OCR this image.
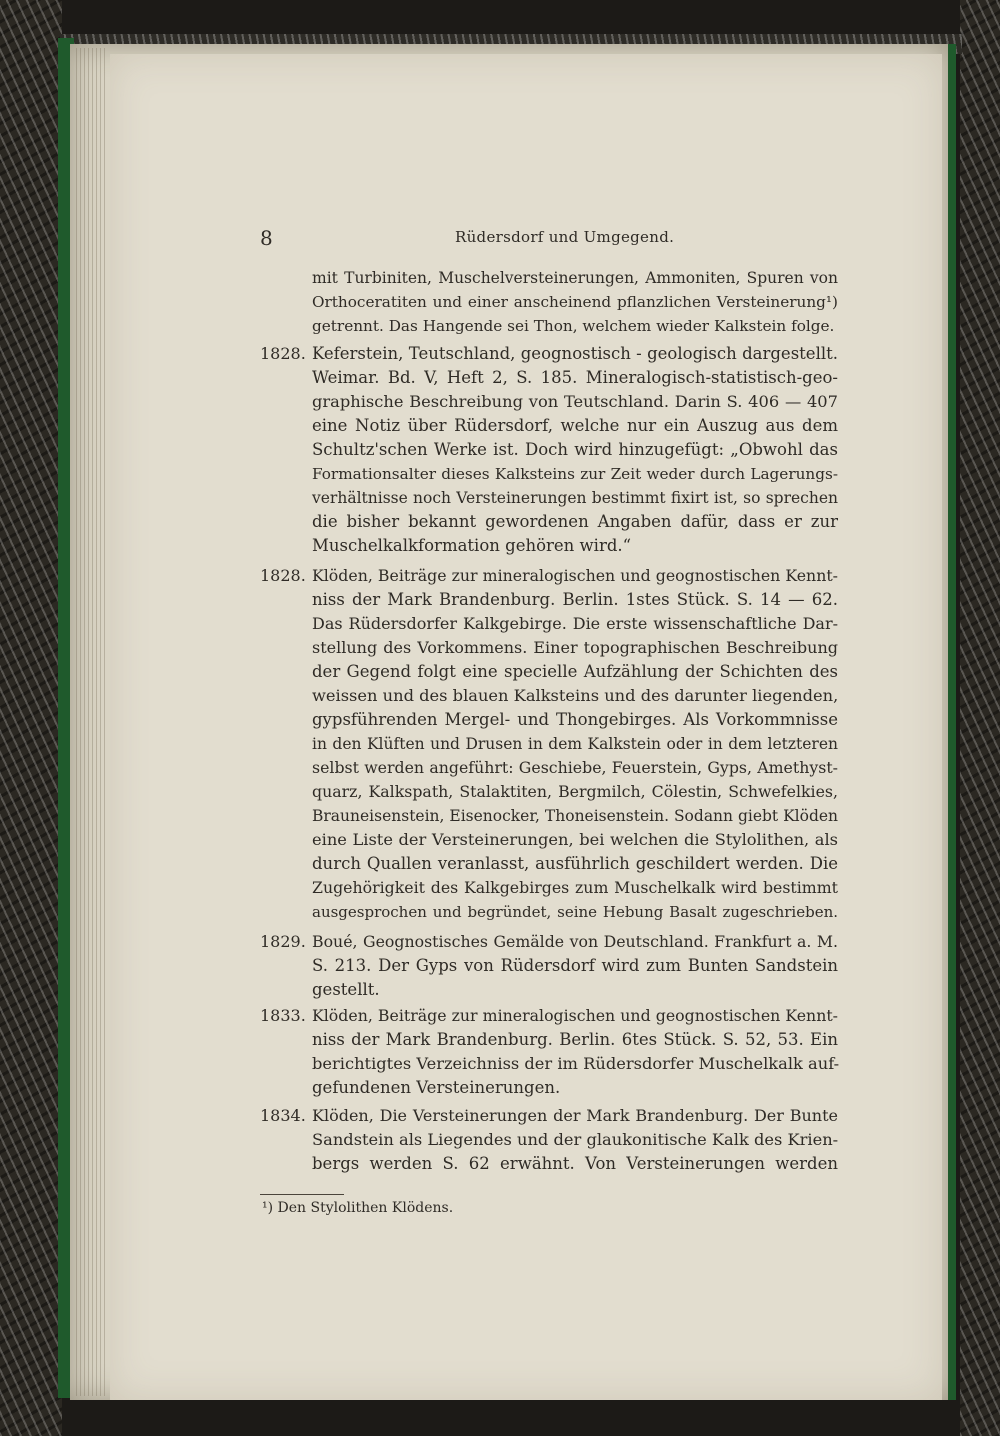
8	Rüdersdorf und Umgegend.
mit Turbiniten, Muschelversteinerungen, Ammoniten, Spuren von
Orthoceratiten und einer anscheinend pflanzlichen Versteinerung¹)
getrennt. Das Hangende sei Thon, welchem wieder Kalkstein folge.
1828. Keferstein, Teutschland, geognostisch - geologisch dargestellt.
Weimar. Bd. V, Heft 2, S. 185. Mineralogisch-statistisch-geo-
graphische Beschreibung von Teutschland. Darin S. 406 — 407
eine Notiz über Rüdersdorf, welche nur ein Auszug aus dem
Schultz'schen Werke ist. Doch wird hinzugefügt: „Obwohl das
Formationsalter dieses Kalksteins zur Zeit weder durch Lagerungs-
verhältnisse noch Versteinerungen bestimmt fixirt ist, so sprechen
die bisher bekannt gewordenen Angaben dafür, dass er zur
Muschelkalkformation gehören wird.“
1828. Klöden, Beiträge zur mineralogischen und geognostischen Kennt-
niss der Mark Brandenburg. Berlin. 1stes Stück. S. 14 — 62.
Das Rüdersdorfer Kalkgebirge. Die erste wissenschaftliche Dar-
stellung des Vorkommens. Einer topographischen Beschreibung
der Gegend folgt eine specielle Aufzählung der Schichten des
weissen und des blauen Kalksteins und des darunter liegenden,
gypsführenden Mergel- und Thongebirges. Als Vorkommnisse
in den Klüften und Drusen in dem Kalkstein oder in dem letzteren
selbst werden angeführt: Geschiebe, Feuerstein, Gyps, Amethyst-
quarz, Kalkspath, Stalaktiten, Bergmilch, Cölestin, Schwefelkies,
Brauneisenstein, Eisenocker, Thoneisenstein. Sodann giebt Klöden
eine Liste der Versteinerungen, bei welchen die Stylolithen, als
durch Quallen veranlasst, ausführlich geschildert werden. Die
Zugehörigkeit des Kalkgebirges zum Muschelkalk wird bestimmt
ausgesprochen und begründet, seine Hebung Basalt zugeschrieben.
1829. Boué, Geognostisches Gemälde von Deutschland. Frankfurt a. M.
S. 213. Der Gyps von Rüdersdorf wird zum Bunten Sandstein
gestellt.
1833. Klöden, Beiträge zur mineralogischen und geognostischen Kennt-
niss der Mark Brandenburg. Berlin. 6tes Stück. S. 52, 53. Ein
berichtigtes Verzeichniss der im Rüdersdorfer Muschelkalk auf-
gefundenen Versteinerungen.
1834. Klöden, Die Versteinerungen der Mark Brandenburg. Der Bunte
Sandstein als Liegendes und der glaukonitische Kalk des Krien-
bergs werden S. 62 erwähnt. Von Versteinerungen werden
¹) Den Stylolithen Klödens.
